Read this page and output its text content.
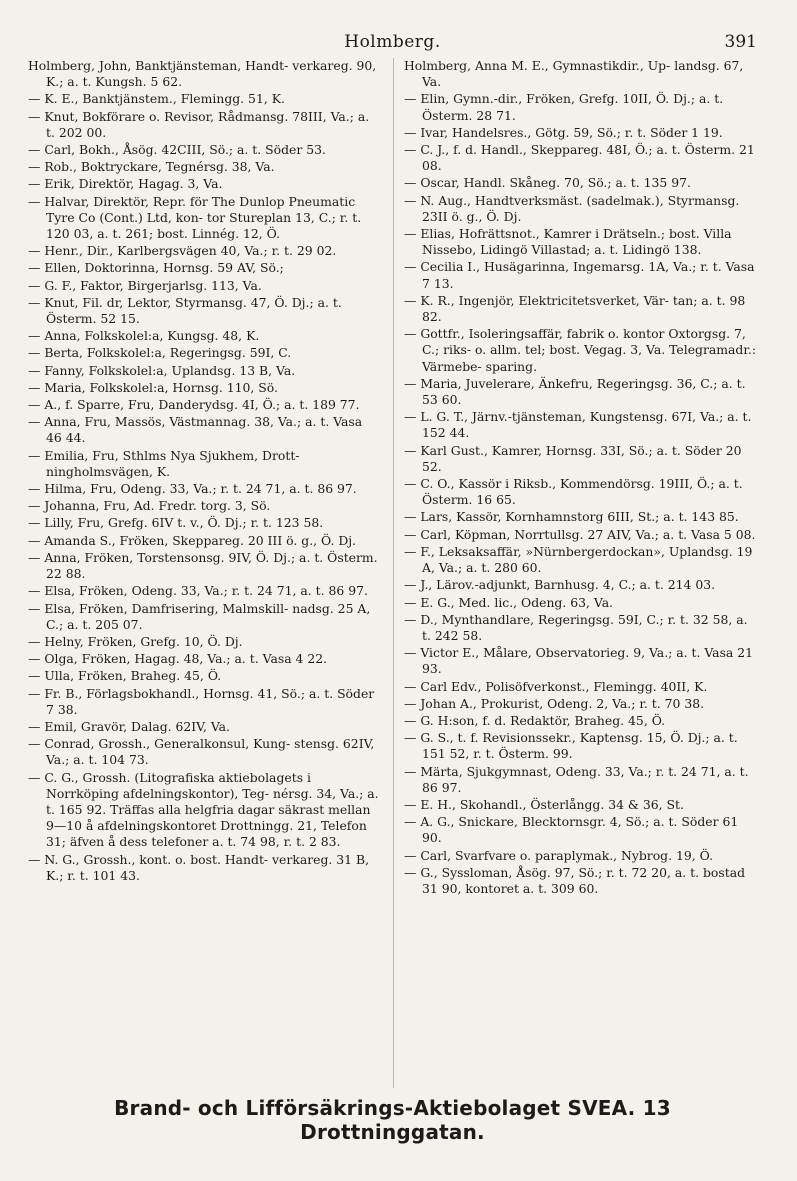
Holmberg.	391
Holmberg, John, Banktjänsteman, Handt- verkareg. 90, K.; a. t. Kungsh. 5 62.
— K. E., Banktjänstem., Flemingg. 51, K.
— Knut, Bokförare o. Revisor, Rådmansg. 78III, Va.; a. t. 202 00.
— Carl, Bokh., Åsög. 42CIII, Sö.; a. t. Söder 53.
— Rob., Boktryckare, Tegnérsg. 38, Va.
— Erik, Direktör, Hagag. 3, Va.
— Halvar, Direktör, Repr. för The Dunlop Pneumatic Tyre Co (Cont.) Ltd, kon- tor Stureplan 13, C.; r. t. 120 03, a. t. 261; bost. Linnég. 12, Ö.
— Henr., Dir., Karlbergsvägen 40, Va.; r. t. 29 02.
— Ellen, Doktorinna, Hornsg. 59 AV, Sö.;
— G. F., Faktor, Birgerjarlsg. 113, Va.
— Knut, Fil. dr, Lektor, Styrmansg. 47, Ö. Dj.; a. t. Österm. 52 15.
— Anna, Folkskolel:a, Kungsg. 48, K.
— Berta, Folkskolel:a, Regeringsg. 59I, C.
— Fanny, Folkskolel:a, Uplandsg. 13 B, Va.
— Maria, Folkskolel:a, Hornsg. 110, Sö.
— A., f. Sparre, Fru, Danderydsg. 4I, Ö.; a. t. 189 77.
— Anna, Fru, Massös, Västmannag. 38, Va.; a. t. Vasa 46 44.
— Emilia, Fru, Sthlms Nya Sjukhem, Drott- ningholmsvägen, K.
— Hilma, Fru, Odeng. 33, Va.; r. t. 24 71, a. t. 86 97.
— Johanna, Fru, Ad. Fredr. torg. 3, Sö.
— Lilly, Fru, Grefg. 6IV t. v., Ö. Dj.; r. t. 123 58.
— Amanda S., Fröken, Skeppareg. 20 III ö. g., Ö. Dj.
— Anna, Fröken, Torstensonsg. 9IV, Ö. Dj.; a. t. Österm. 22 88.
— Elsa, Fröken, Odeng. 33, Va.; r. t. 24 71, a. t. 86 97.
— Elsa, Fröken, Damfrisering, Malmskill- nadsg. 25 A, C.; a. t. 205 07.
— Helny, Fröken, Grefg. 10, Ö. Dj.
— Olga, Fröken, Hagag. 48, Va.; a. t. Vasa 4 22.
— Ulla, Fröken, Braheg. 45, Ö.
— Fr. B., Förlagsbokhandl., Hornsg. 41, Sö.; a. t. Söder 7 38.
— Emil, Gravör, Dalag. 62IV, Va.
— Conrad, Grossh., Generalkonsul, Kung- stensg. 62IV, Va.; a. t. 104 73.
— C. G., Grossh. (Litografiska aktiebolagets i Norrköping afdelningskontor), Teg- nérsg. 34, Va.; a. t. 165 92. Träffas alla helgfria dagar säkrast mellan 9—10 å afdelningskontoret Drottningg. 21, Telefon 31; äfven å dess telefoner a. t. 74 98, r. t. 2 83.
— N. G., Grossh., kont. o. bost. Handt- verkareg. 31 B, K.; r. t. 101 43.
Holmberg, Anna M. E., Gymnastikdir., Up- landsg. 67, Va.
— Elin, Gymn.-dir., Fröken, Grefg. 10II, Ö. Dj.; a. t. Österm. 28 71.
— Ivar, Handelsres., Götg. 59, Sö.; r. t. Söder 1 19.
— C. J., f. d. Handl., Skeppareg. 48I, Ö.; a. t. Österm. 21 08.
— Oscar, Handl. Skåneg. 70, Sö.; a. t. 135 97.
— N. Aug., Handtverksmäst. (sadelmak.), Styrmansg. 23II ö. g., Ö. Dj.
— Elias, Hofrättsnot., Kamrer i Drätseln.; bost. Villa Nissebo, Lidingö Villastad; a. t. Lidingö 138.
— Cecilia I., Husägarinna, Ingemarsg. 1A, Va.; r. t. Vasa 7 13.
— K. R., Ingenjör, Elektricitetsverket, Vär- tan; a. t. 98 82.
— Gottfr., Isoleringsaffär, fabrik o. kontor Oxtorgsg. 7, C.; riks- o. allm. tel; bost. Vegag. 3, Va. Telegramadr.: Värmebe- sparing.
— Maria, Juvelerare, Änkefru, Regeringsg. 36, C.; a. t. 53 60.
— L. G. T., Järnv.-tjänsteman, Kungstensg. 67I, Va.; a. t. 152 44.
— Karl Gust., Kamrer, Hornsg. 33I, Sö.; a. t. Söder 20 52.
— C. O., Kassör i Riksb., Kommendörsg. 19III, Ö.; a. t. Österm. 16 65.
— Lars, Kassör, Kornhamnstorg 6III, St.; a. t. 143 85.
— Carl, Köpman, Norrtullsg. 27 AIV, Va.; a. t. Vasa 5 08.
— F., Leksaksaffär, »Nürnbergerdockan», Uplandsg. 19 A, Va.; a. t. 280 60.
— J., Lärov.-adjunkt, Barnhusg. 4, C.; a. t. 214 03.
— E. G., Med. lic., Odeng. 63, Va.
— D., Mynthandlare, Regeringsg. 59I, C.; r. t. 32 58, a. t. 242 58.
— Victor E., Målare, Observatorieg. 9, Va.; a. t. Vasa 21 93.
— Carl Edv., Polisöfverkonst., Flemingg. 40II, K.
— Johan A., Prokurist, Odeng. 2, Va.; r. t. 70 38.
— G. H:son, f. d. Redaktör, Braheg. 45, Ö.
— G. S., t. f. Revisionssekr., Kaptensg. 15, Ö. Dj.; a. t. 151 52, r. t. Österm. 99.
— Märta, Sjukgymnast, Odeng. 33, Va.; r. t. 24 71, a. t. 86 97.
— E. H., Skohandl., Österlångg. 34 & 36, St.
— A. G., Snickare, Blecktornsgr. 4, Sö.; a. t. Söder 61 90.
— Carl, Svarfvare o. paraplymak., Nybrog. 19, Ö.
— G., Syssloman, Åsög. 97, Sö.; r. t. 72 20, a. t. bostad 31 90, kontoret a. t. 309 60.
Brand- och Lifförsäkrings-Aktiebolaget SVEA. 13 Drottninggatan.
